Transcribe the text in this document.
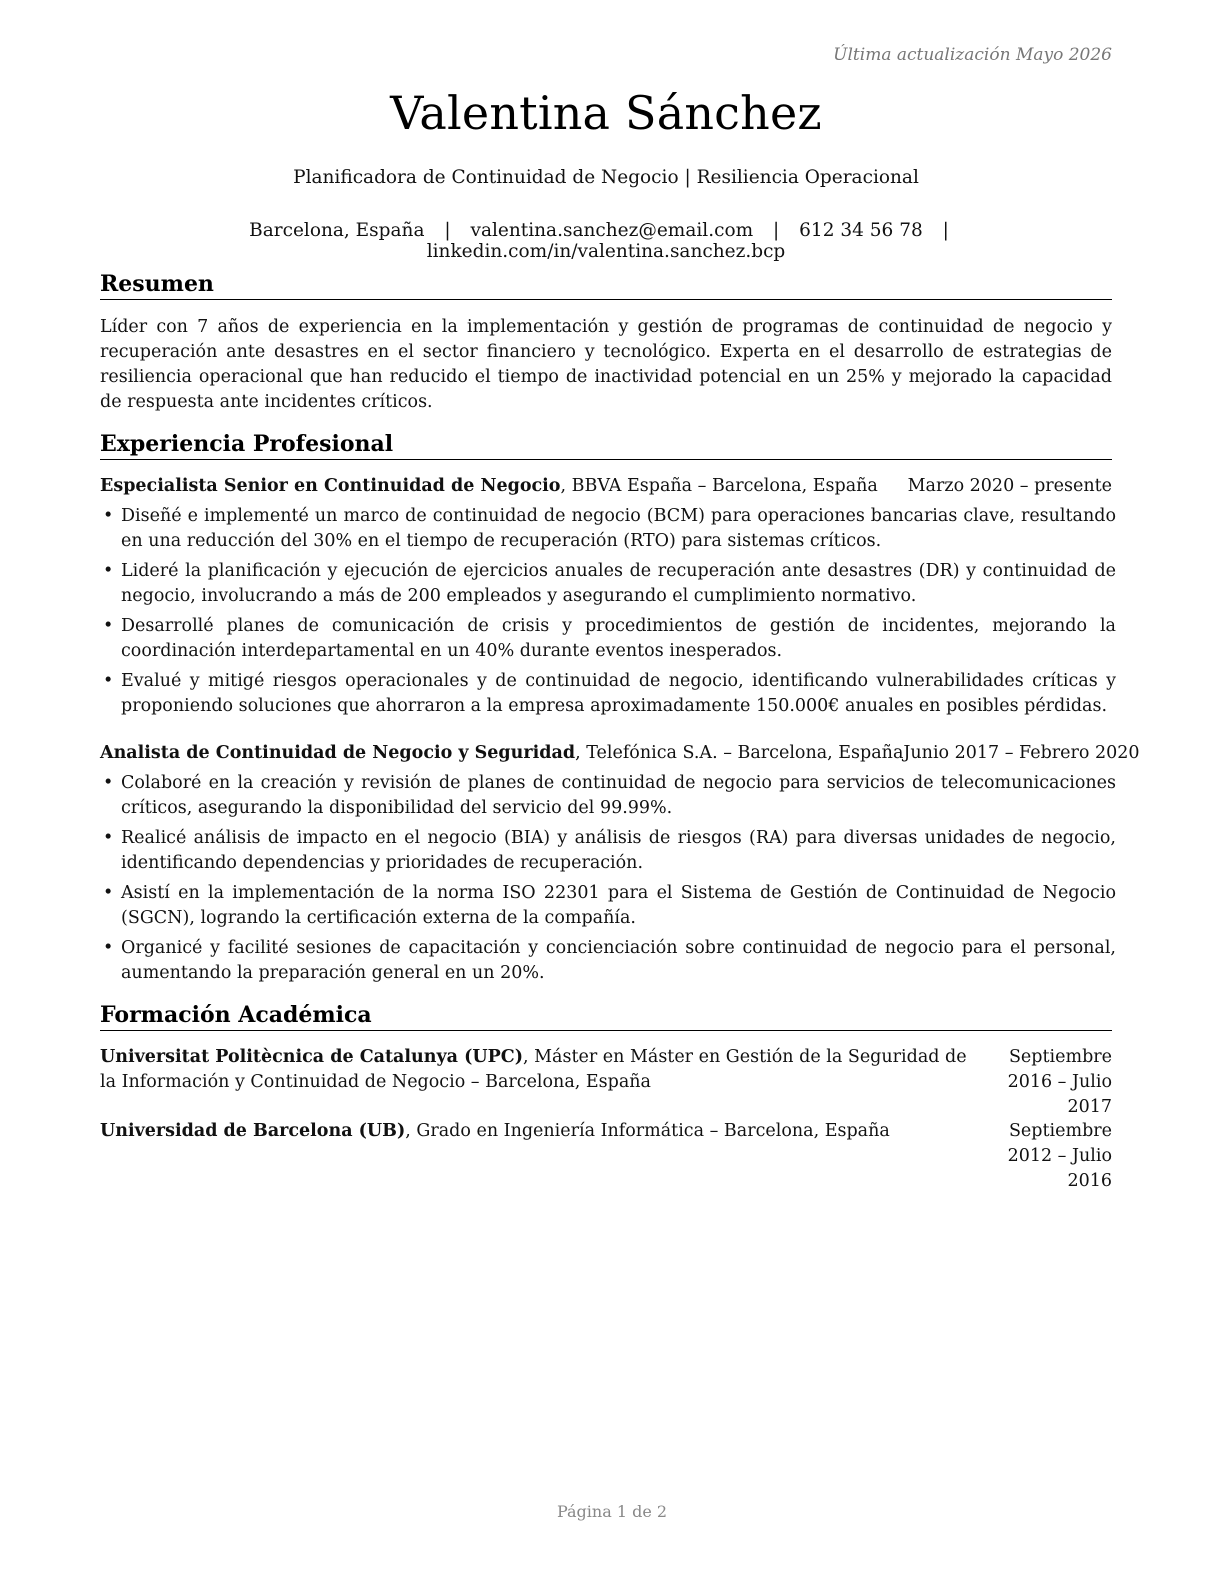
Última actualización Mayo 2026
Valentina Sánchez
Planificadora de Continuidad de Negocio | Resiliencia Operacional
Barcelona, España | valentina.sanchez@email.com | 612 34 56 78 | linkedin.com/in/valentina.sanchez.bcp
Resumen
Líder con 7 años de experiencia en la implementación y gestión de programas de continuidad de negocio y recuperación ante desastres en el sector financiero y tecnológico. Experta en el desarrollo de estrategias de resiliencia operacional que han reducido el tiempo de inactividad potencial en un 25% y mejorado la capacidad de respuesta ante incidentes críticos.
Experiencia Profesional
Especialista Senior en Continuidad de Negocio, BBVA España – Barcelona, España Marzo 2020 – presente
• Diseñé e implementé un marco de continuidad de negocio (BCM) para operaciones bancarias clave, resultando en una reducción del 30% en el tiempo de recuperación (RTO) para sistemas críticos.
• Lideré la planificación y ejecución de ejercicios anuales de recuperación ante desastres (DR) y continuidad de negocio, involucrando a más de 200 empleados y asegurando el cumplimiento normativo.
• Desarrollé planes de comunicación de crisis y procedimientos de gestión de incidentes, mejorando la coordinación interdepartamental en un 40% durante eventos inesperados.
• Evalué y mitigé riesgos operacionales y de continuidad de negocio, identificando vulnerabilidades críticas y proponiendo soluciones que ahorraron a la empresa aproximadamente 150.000€ anuales en posibles pérdidas.
Analista de Continuidad de Negocio y Seguridad, Telefónica S.A. – Barcelona, España Junio 2017 – Febrero 2020
• Colaboré en la creación y revisión de planes de continuidad de negocio para servicios de telecomunicaciones críticos, asegurando la disponibilidad del servicio del 99.99%.
• Realicé análisis de impacto en el negocio (BIA) y análisis de riesgos (RA) para diversas unidades de negocio, identificando dependencias y prioridades de recuperación.
• Asistí en la implementación de la norma ISO 22301 para el Sistema de Gestión de Continuidad de Negocio (SGCN), logrando la certificación externa de la compañía.
• Organicé y facilité sesiones de capacitación y concienciación sobre continuidad de negocio para el personal, aumentando la preparación general en un 20%.
Formación Académica
Universitat Politècnica de Catalunya (UPC), Máster en Máster en Gestión de la Seguridad de la Información y Continuidad de Negocio – Barcelona, España
Septiembre 2016 – Julio 2017
Universidad de Barcelona (UB), Grado en Ingeniería Informática – Barcelona, España	Septiembre 2012 – Julio 2016
Página 1 de 2
